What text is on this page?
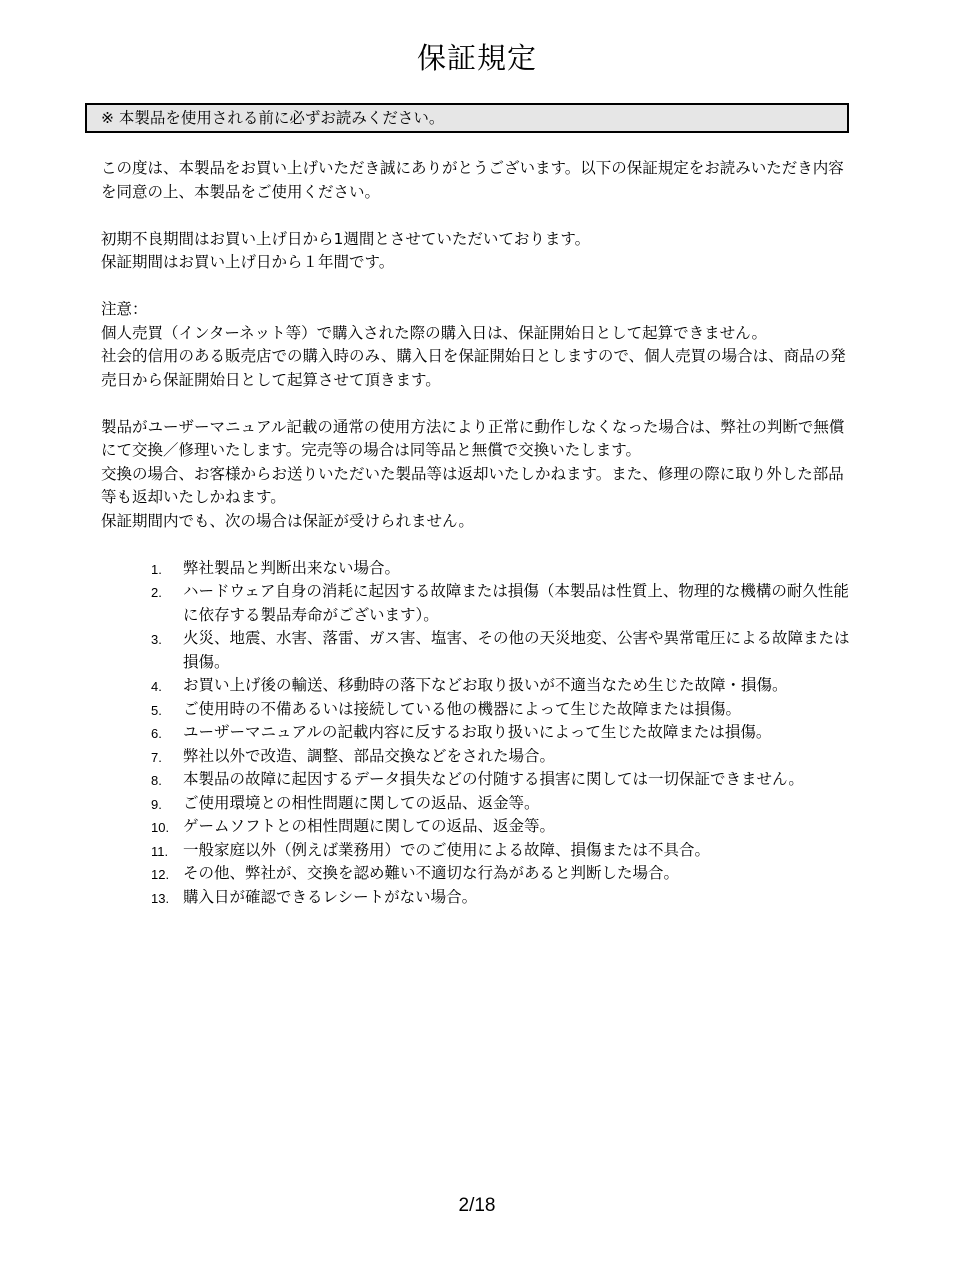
保証規定
※ 本製品を使用される前に必ずお読みください。

この度は、本製品をお買い上げいただき誠にありがとうございます。以下の保証規定をお読みいただき内容を同意の上、本製品をご使用ください。

初期不良期間はお買い上げ日から1週間とさせていただいております。

保証期間はお買い上げ日から１年間です。

注意：

個人売買（インターネット等）で購入された際の購入日は、保証開始日として起算できません。

社会的信用のある販売店での購入時のみ、購入日を保証開始日としますので、個人売買の場合は、商品の発売日から保証開始日として起算させて頂きます。

製品がユーザーマニュアル記載の通常の使用方法により正常に動作しなくなった場合は、弊社の判断で無償にて交換／修理いたします。完売等の場合は同等品と無償で交換いたします。

交換の場合、お客様からお送りいただいた製品等は返却いたしかねます。また、修理の際に取り外した部品等も返却いたしかねます。

保証期間内でも、次の場合は保証が受けられません。

1. 弊社製品と判断出来ない場合。
2. ハードウェア自身の消耗に起因する故障または損傷（本製品は性質上、物理的な機構の耐久性能に依存する製品寿命がございます）。
3. 火災、地震、水害、落雷、ガス害、塩害、その他の天災地変、公害や異常電圧による故障または損傷。
4. お買い上げ後の輸送、移動時の落下などお取り扱いが不適当なため生じた故障・損傷。
5. ご使用時の不備あるいは接続している他の機器によって生じた故障または損傷。
6. ユーザーマニュアルの記載内容に反するお取り扱いによって生じた故障または損傷。
7. 弊社以外で改造、調整、部品交換などをされた場合。
8. 本製品の故障に起因するデータ損失などの付随する損害に関しては一切保証できません。
9. ご使用環境との相性問題に関しての返品、返金等。
10. ゲームソフトとの相性問題に関しての返品、返金等。
11. 一般家庭以外（例えば業務用）でのご使用による故障、損傷または不具合。
12. その他、弊社が、交換を認め難い不適切な行為があると判断した場合。
13. 購入日が確認できるレシートがない場合。
2/18
